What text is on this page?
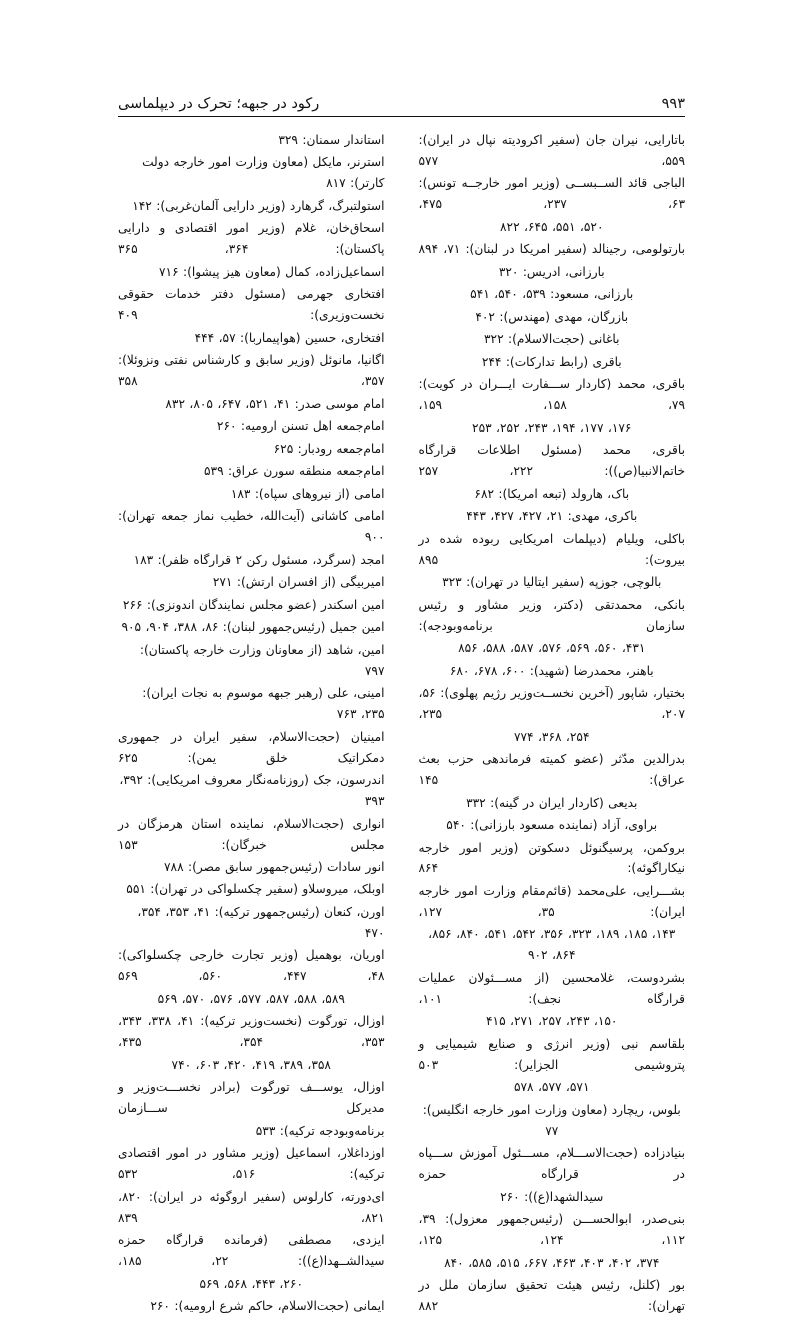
رکود در جبهه؛ تحرک در دیپلماسی	۹۹۳

استاندار سمنان: ۳۲۹

استرنر، مایکل (معاون وزارت امور خارجه دولت کارتر): ۸۱۷

استولتبرگ، گرهارد (وزیر دارایی آلمان‌غربی): ۱۴۲

اسحاق‌خان، غلام (وزیر امور اقتصادی و دارایی پاکستان): ۳۶۴، ۳۶۵

اسماعیل‌زاده، کمال (معاون هیز پیشوا): ۷۱۶

افتخاری جهرمی (مسئول دفتر خدمات حقوقی نخست‌وزیری): ۴۰۹

افتخاری، حسین (هواپیماربا): ۵۷، ۴۴۴

اگانیا، مانوئل (وزیر سابق و کارشناس نفتی ونزوئلا): ۳۵۷، ۳۵۸

امام موسی صدر: ۴۱، ۵۲۱، ۶۴۷، ۸۰۵، ۸۳۲

امام‌جمعه اهل تسنن ارومیه: ۲۶۰

امام‌جمعه رودبار: ۶۲۵

امام‌جمعه منطقه سورن عراق: ۵۳۹

امامی (از نیروهای سپاه): ۱۸۳

امامی کاشانی (آیت‌الله، خطیب نماز جمعه تهران): ۹۰۰

امجد (سرگرد، مسئول رکن ۲ قرارگاه ظفر): ۱۸۳

امیربیگی (از افسران ارتش): ۲۷۱

امین اسکندر (عضو مجلس نمایندگان اندونزی): ۲۶۶

امین جمیل (رئیس‌جمهور لبنان): ۸۶، ۳۸۸، ۹۰۴، ۹۰۵

امین، شاهد (از معاونان وزارت خارجه پاکستان): ۷۹۷

امینی، علی (رهبر جبهه موسوم به نجات ایران): ۲۳۵، ۷۶۳

امینیان (حجت‌الاسلام، سفیر ایران در جمهوری دمکراتیک خلق یمن): ۶۲۵

اندرسون، جک (روزنامه‌نگار معروف امریکایی): ۳۹۲، ۳۹۳

انواری (حجت‌الاسلام، نماینده استان هرمزگان در مجلس خبرگان): ۱۵۳

انور سادات (رئیس‌جمهور سابق مصر): ۷۸۸

اوبلک، میروسلاو (سفیر چکسلواکی در تهران): ۵۵۱

اورن، کنعان (رئیس‌جمهور ترکیه): ۴۱، ۳۵۳، ۳۵۴، ۴۷۰

اوریان، بوهمیل (وزیر تجارت خارجی چکسلواکی): ۴۸، ۴۴۷، ۵۶۰، ۵۶۹

۵۸۹، ۵۸۸، ۵۸۷، ۵۷۷، ۵۷۶، ۵۷۰، ۵۶۹

اوزال، تورگوت (نخست‌وزیر ترکیه): ۴۱، ۳۳۸، ۳۴۳، ۳۵۳، ۳۵۴، ۴۳۵،

۳۵۸، ۳۸۹، ۴۱۹، ۴۲۰، ۶۰۳، ۷۴۰

اوزال، یوســـف تورگوت (برادر نخســـت‌وزیر و مدیرکل ســـازمان

برنامه‌وبودجه ترکیه): ۵۳۳

اوزداغلار، اسماعیل (وزیر مشاور در امور اقتصادی ترکیه): ۵۱۶، ۵۳۲

ای‌دورته، کارلوس (سفیر اروگوئه در ایران): ۸۲۰، ۸۲۱، ۸۳۹

ایزدی، مصطفی (فرمانده قرارگاه حمزه سیدالشــهدا(ع)): ۲۲، ۱۸۵،

۲۶۰، ۴۴۳، ۵۶۸، ۵۶۹

ایمانی (حجت‌الاسلام، حاکم شرع ارومیه): ۲۶۰

باتارایی، نیران جان (سفیر اکرودیته نپال در ایران): ۵۵۹، ۵۷۷

الباجی قائد الســبســی (وزیر امور خارجــه تونس): ۶۳، ۲۳۷، ۴۷۵،

۵۲۰، ۵۵۱، ۶۴۵، ۸۲۲

بارتولومی، رجینالد (سفیر امریکا در لبنان): ۷۱، ۸۹۴

بارزانی، ادریس: ۳۲۰

بارزانی، مسعود: ۵۳۹، ۵۴۰، ۵۴۱

بازرگان، مهدی (مهندس): ۴۰۲

باغانی (حجت‌الاسلام): ۳۲۲

باقری (رابط تدارکات): ۲۴۴

باقری، محمد (کاردار ســـفارت ایـــران در کویت): ۷۹، ۱۵۸، ۱۵۹،

۱۷۶، ۱۷۷، ۱۹۴، ۲۴۳، ۲۵۲، ۲۵۳

باقری، محمد (مسئول اطلاعات قرارگاه خاتم‌الانبیا(ص)): ۲۲۲، ۲۵۷

باک، هارولد (تبعه امریکا): ۶۸۲

باکری، مهدی: ۲۱، ۴۲۷، ۴۲۷، ۴۴۳

باکلی، ویلیام (دیپلمات امریکایی ربوده شده در بیروت): ۸۹۵

بالوچی، جوزپه (سفیر ایتالیا در تهران): ۳۲۳

بانکی، محمدتقی (دکتر، وزیر مشاور و رئیس سازمان برنامه‌وبودجه):

۴۳۱، ۵۶۰، ۵۶۹، ۵۷۶، ۵۸۷، ۵۸۸، ۸۵۶

باهنر، محمدرضا (شهید): ۶۰۰، ۶۷۸، ۶۸۰

بختیار، شاپور (آخرین نخســت‌وزیر رژیم پهلوی): ۵۶، ۲۰۷، ۲۳۵،

۲۵۴، ۳۶۸، ۷۷۴

بدرالدین مدّثر (عضو کمیته فرماندهی حزب بعث عراق): ۱۴۵

بدیعی (کاردار ایران در گینه): ۳۳۲

براوی، آزاد (نماینده مسعود بارزانی): ۵۴۰

بروکمن، پرسیگنوئل دسکوتن (وزیر امور خارجه نیکاراگوئه): ۸۶۴

بشـــرایی، علی‌محمد (قائم‌مقام وزارت امور خارجه ایران): ۳۵، ۱۲۷،

۱۴۳، ۱۸۵، ۱۸۹، ۳۲۳، ۳۵۶، ۵۴۲، ۵۴۱، ۸۴۰، ۸۵۶، ۸۶۴، ۹۰۲

بشردوست، غلامحسین (از مســـئولان عملیات قرارگاه نجف): ۱۰۱،

۱۵۰، ۲۴۳، ۲۵۷، ۲۷۱، ۴۱۵

بلقاسم نبی (وزیر انرژی و صنایع شیمیایی و پتروشیمی الجزایر): ۵۰۳

۵۷۱، ۵۷۷، ۵۷۸

بلوس، ریچارد (معاون وزارت امور خارجه انگلیس): ۷۷

بنیادزاده (حجت‌الاســـلام، مســـئول آموزش ســـپاه در قرارگاه حمزه

سیدالشهدا(ع)): ۲۶۰

بنی‌صدر، ابوالحســـن (رئیس‌جمهور معزول): ۳۹، ۱۱۲، ۱۲۴، ۱۲۵،

۳۷۴، ۴۰۲، ۴۰۳، ۴۶۳، ۶۶۷، ۵۱۵، ۵۸۵، ۸۴۰

بور (کلنل، رئیس هیئت تحقیق سازمان ملل در تهران): ۸۸۲
